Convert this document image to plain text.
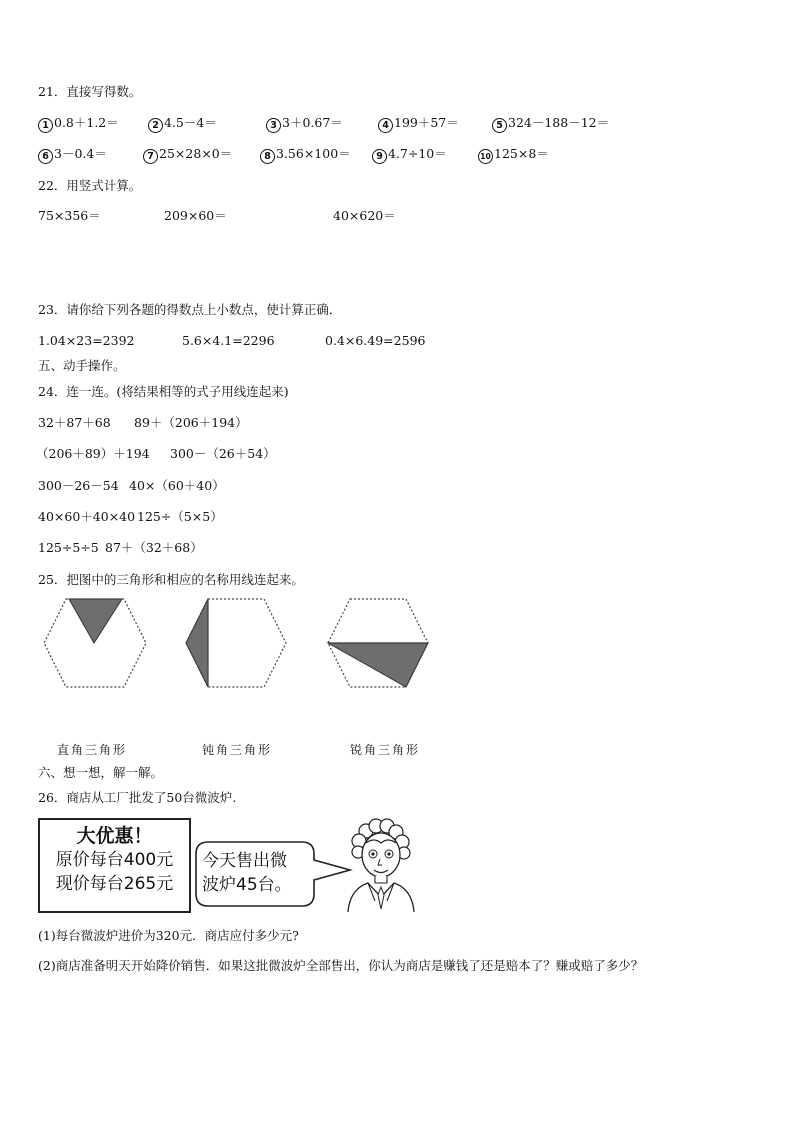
21．直接写得数。
1 0.8＋1.2＝	2 4.5－4＝	3 3＋0.67＝	4 199＋57＝	5 324－188－12＝
6 3－0.4＝	7 25×28×0＝	8 3.56×100＝	9 4.7÷10＝	10 125×8＝
22．用竖式计算。
75×356＝	209×60＝	40×620＝
23．请你给下列各题的得数点上小数点，使计算正确．
1.04×23=2392	5.6×4.1=2296	0.4×6.49=2596
五、动手操作。
24．连一连。(将结果相等的式子用线连起来)
32＋87＋68 89＋（206＋194）
（206＋89）＋194 300－（26＋54）
300－26－54 40×（60＋40）
40×60＋40×40 125÷（5×5）
125÷5÷5 87＋（32＋68）
25．把图中的三角形和相应的名称用线连起来。
直角三角形	钝角三角形	锐角三角形
六、想一想，解一解。
26．商店从工厂批发了50台微波炉.
大优惠！
原价每台400元
现价每台265元
今天售出微
波炉45台。
(1)每台微波炉进价为320元．商店应付多少元?
(2)商店准备明天开始降价销售．如果这批微波炉全部售出，你认为商店是赚钱了还是赔本了？赚或赔了多少？
